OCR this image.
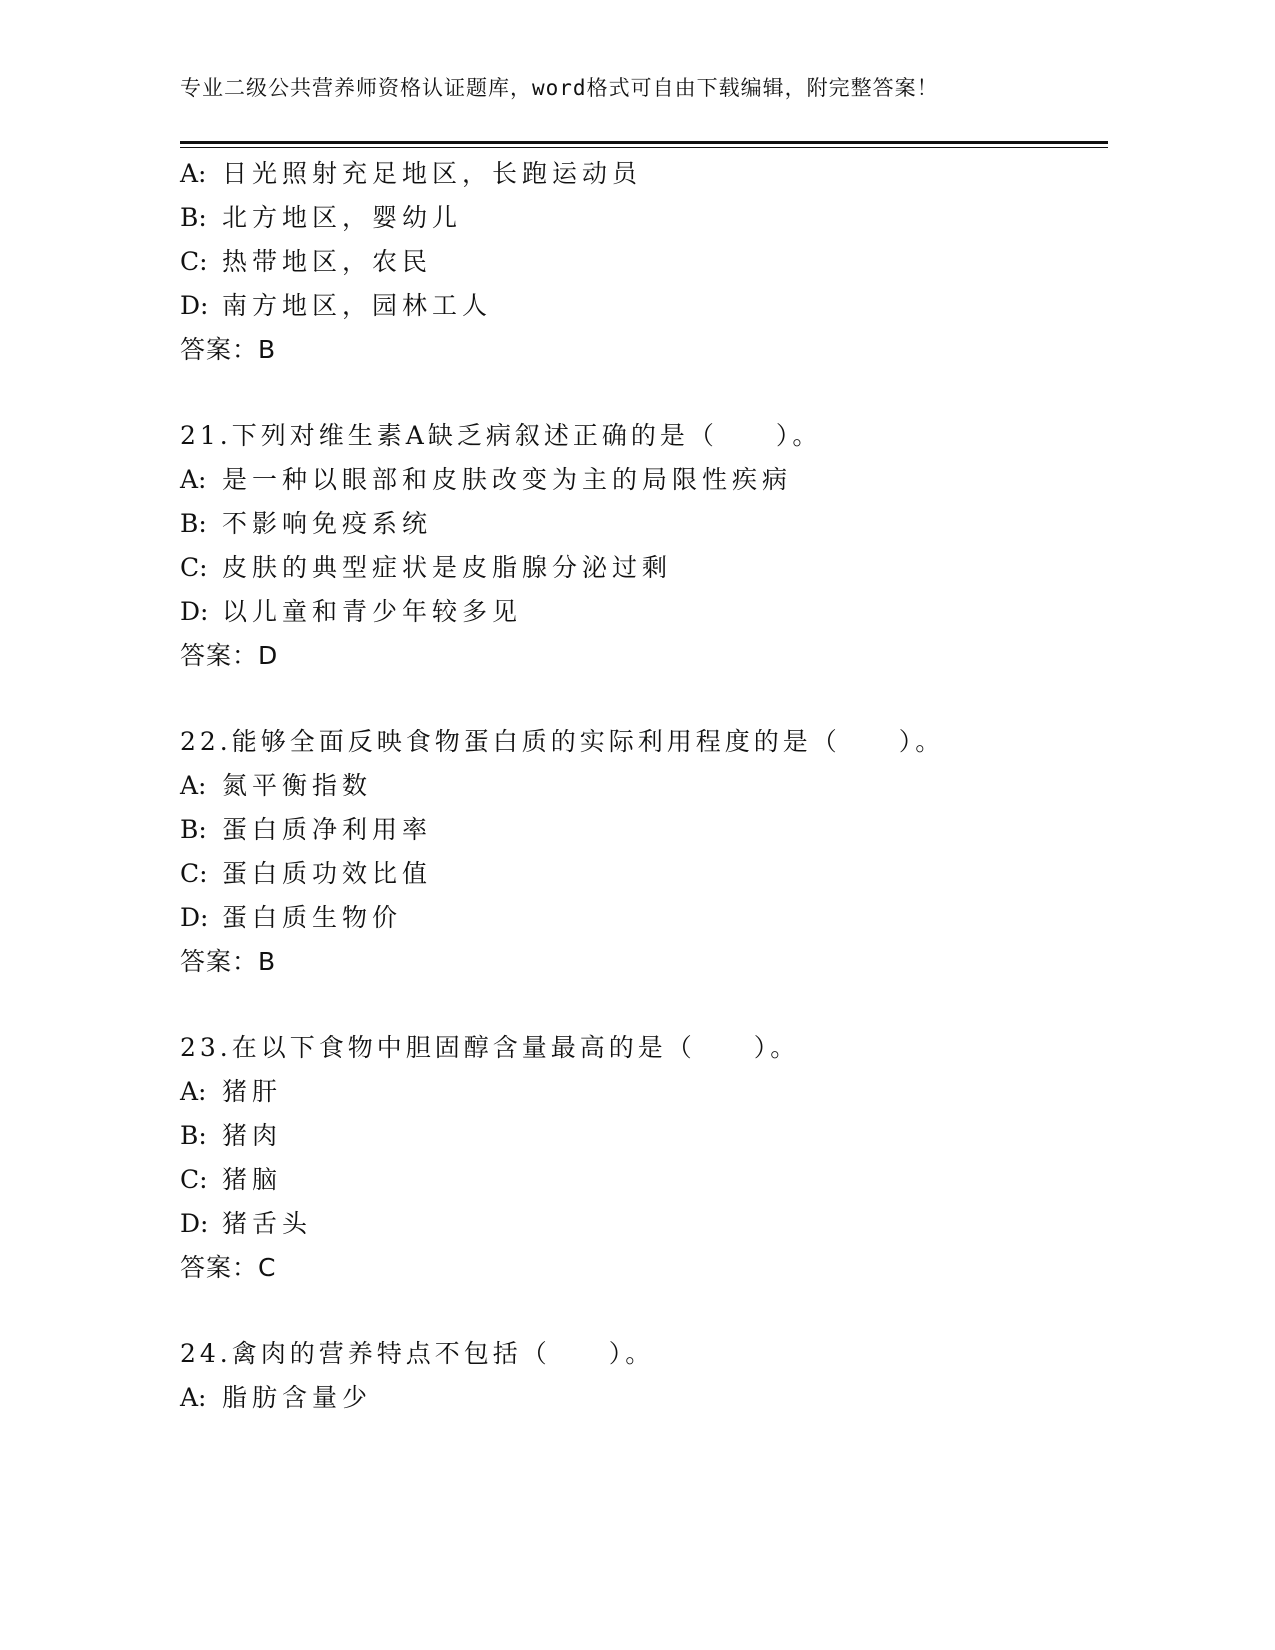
专业二级公共营养师资格认证题库，word格式可自由下载编辑，附完整答案！
A: 日光照射充足地区，长跑运动员
B: 北方地区，婴幼儿
C: 热带地区，农民
D: 南方地区，园林工人
答案：B
21.下列对维生素A缺乏病叙述正确的是（　　）。
A: 是一种以眼部和皮肤改变为主的局限性疾病
B: 不影响免疫系统
C: 皮肤的典型症状是皮脂腺分泌过剩
D: 以儿童和青少年较多见
答案：D
22.能够全面反映食物蛋白质的实际利用程度的是（　　）。
A: 氮平衡指数
B: 蛋白质净利用率
C: 蛋白质功效比值
D: 蛋白质生物价
答案：B
23.在以下食物中胆固醇含量最高的是（　　）。
A: 猪肝
B: 猪肉
C: 猪脑
D: 猪舌头
答案：C
24.禽肉的营养特点不包括（　　）。
A: 脂肪含量少
